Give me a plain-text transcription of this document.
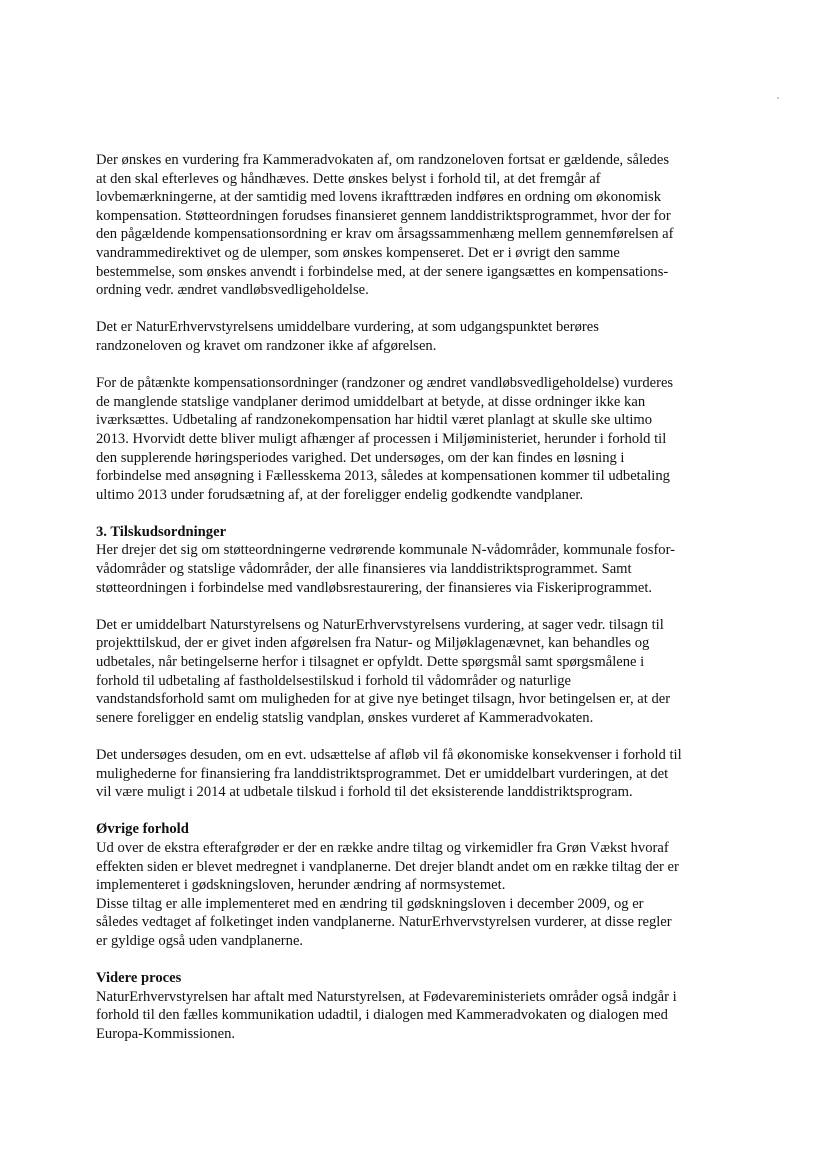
Der ønskes en vurdering fra Kammeradvokaten af, om randzoneloven fortsat er gældende, således
at den skal efterleves og håndhæves. Dette ønskes belyst i forhold til, at det fremgår af
lovbemærkningerne, at der samtidig med lovens ikrafttræden indføres en ordning om økonomisk
kompensation. Støtteordningen forudses finansieret gennem landdistriktsprogrammet, hvor der for
den pågældende kompensationsordning er krav om årsagssammenhæng mellem gennemførelsen af
vandrammedirektivet og de ulemper, som ønskes kompenseret. Det er i øvrigt den samme
bestemmelse, som ønskes anvendt i forbindelse med, at der senere igangsættes en kompensations-
ordning vedr. ændret vandløbsvedligeholdelse.
Det er NaturErhvervstyrelsens umiddelbare vurdering, at som udgangspunktet berøres
randzoneloven og kravet om randzoner ikke af afgørelsen.
For de påtænkte kompensationsordninger (randzoner og ændret vandløbsvedligeholdelse) vurderes
de manglende statslige vandplaner derimod umiddelbart at betyde, at disse ordninger ikke kan
iværksættes. Udbetaling af randzonekompensation har hidtil været planlagt at skulle ske ultimo
2013. Hvorvidt dette bliver muligt afhænger af processen i Miljøministeriet, herunder i forhold til
den supplerende høringsperiodes varighed. Det undersøges, om der kan findes en løsning i
forbindelse med ansøgning i Fællesskema 2013, således at kompensationen kommer til udbetaling
ultimo 2013 under forudsætning af, at der foreligger endelig godkendte vandplaner.
3. Tilskudsordninger
Her drejer det sig om støtteordningerne vedrørende kommunale N-vådområder, kommunale fosfor-
vådområder og statslige vådområder, der alle finansieres via landdistriktsprogrammet. Samt
støtteordningen i forbindelse med vandløbsrestaurering, der finansieres via Fiskeriprogrammet.
Det er umiddelbart Naturstyrelsens og NaturErhvervstyrelsens vurdering, at sager vedr. tilsagn til
projekttilskud, der er givet inden afgørelsen fra Natur- og Miljøklagenævnet, kan behandles og
udbetales, når betingelserne herfor i tilsagnet er opfyldt. Dette spørgsmål samt spørgsmålene i
forhold til udbetaling af fastholdelsestilskud i forhold til vådområder og naturlige
vandstandsforhold samt om muligheden for at give nye betinget tilsagn, hvor betingelsen er, at der
senere foreligger en endelig statslig vandplan, ønskes vurderet af Kammeradvokaten.
Det undersøges desuden, om en evt. udsættelse af afløb vil få økonomiske konsekvenser i forhold til
mulighederne for finansiering fra landdistriktsprogrammet. Det er umiddelbart vurderingen, at det
vil være muligt i 2014 at udbetale tilskud i forhold til det eksisterende landdistriktsprogram.
Øvrige forhold
Ud over de ekstra efterafgrøder er der en række andre tiltag og virkemidler fra Grøn Vækst hvoraf
effekten siden er blevet medregnet i vandplanerne. Det drejer blandt andet om en række tiltag der er
implementeret i gødskningsloven, herunder ændring af normsystemet.
Disse tiltag er alle implementeret med en ændring til gødskningsloven i december 2009, og er
således vedtaget af folketinget inden vandplanerne. NaturErhvervstyrelsen vurderer, at disse regler
er gyldige også uden vandplanerne.
Videre proces
NaturErhvervstyrelsen har aftalt med Naturstyrelsen, at Fødevareministeriets områder også indgår i
forhold til den fælles kommunikation udadtil, i dialogen med Kammeradvokaten og dialogen med
Europa-Kommissionen.
